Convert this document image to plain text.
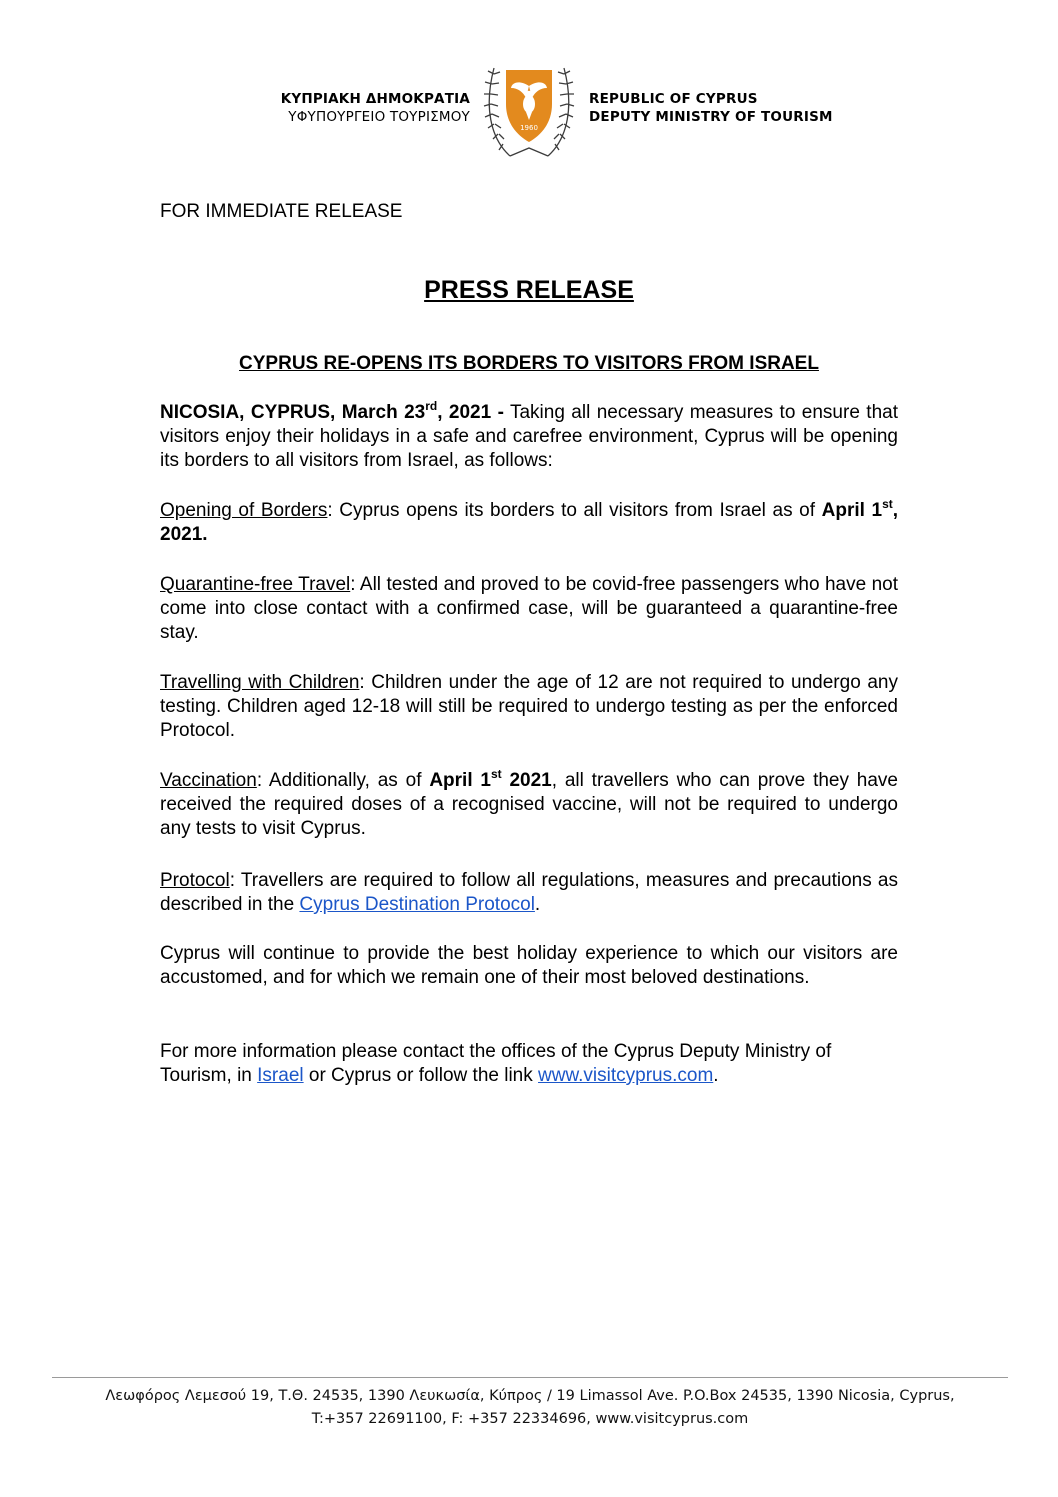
ΚΥΠΡΙΑΚΗ ΔΗΜΟΚΡΑΤΙΑ
ΥΦΥΠΟΥΡΓΕΙΟ ΤΟΥΡΙΣΜΟΥ
1960
REPUBLIC OF CYPRUS
DEPUTY MINISTRY OF TOURISM
FOR IMMEDIATE RELEASE
PRESS RELEASE
CYPRUS RE-OPENS ITS BORDERS TO VISITORS FROM ISRAEL

NICOSIA, CYPRUS, March 23rd, 2021 - Taking all necessary measures to ensure that visitors enjoy their holidays in a safe and carefree environment, Cyprus will be opening its borders to all visitors from Israel, as follows:

Opening of Borders: Cyprus opens its borders to all visitors from Israel as of April 1st, 2021.

Quarantine-free Travel: All tested and proved to be covid-free passengers who have not come into close contact with a confirmed case, will be guaranteed a quarantine-free stay.

Travelling with Children: Children under the age of 12 are not required to undergo any testing. Children aged 12-18 will still be required to undergo testing as per the enforced Protocol.

Vaccination: Additionally, as of April 1st 2021, all travellers who can prove they have received the required doses of a recognised vaccine, will not be required to undergo any tests to visit Cyprus.

Protocol: Travellers are required to follow all regulations, measures and precautions as described in the Cyprus Destination Protocol.

Cyprus will continue to provide the best holiday experience to which our visitors are accustomed, and for which we remain one of their most beloved destinations.

For more information please contact the offices of the Cyprus Deputy Ministry of Tourism, in Israel or Cyprus or follow the link www.visitcyprus.com.

Λεωφόρος Λεμεσού 19, Τ.Θ. 24535, 1390 Λευκωσία, Κύπρος / 19 Limassol Ave. P.O.Box 24535, 1390 Nicosia, Cyprus,
T:+357 22691100, F: +357 22334696, www.visitcyprus.com
